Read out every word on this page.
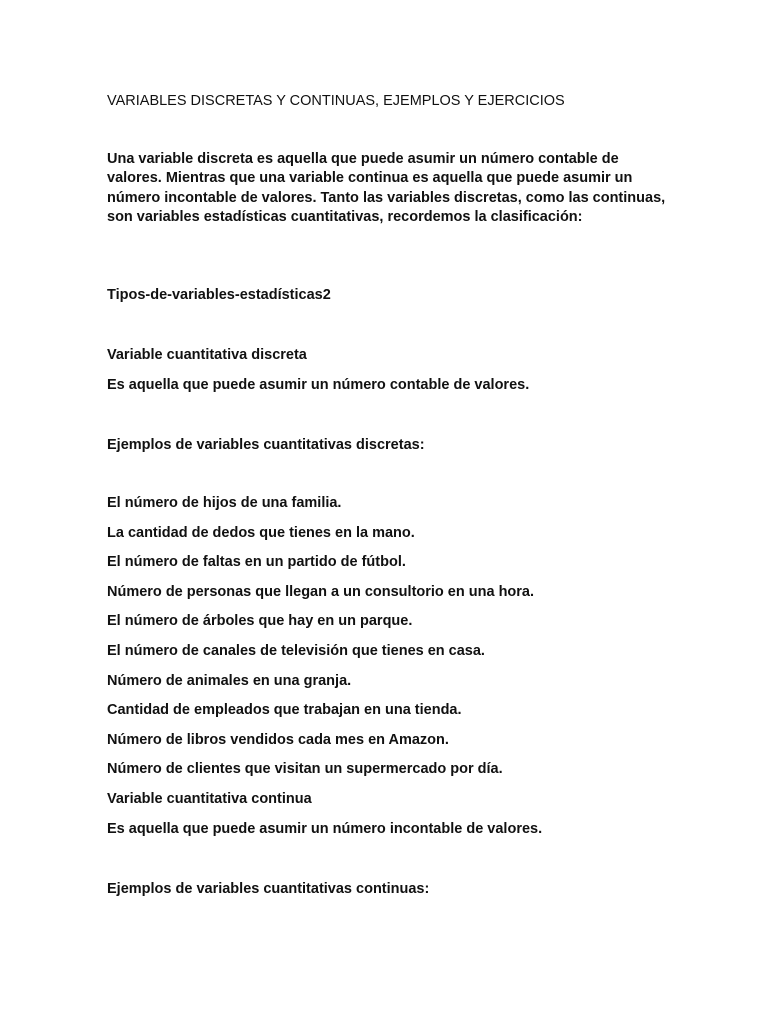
VARIABLES DISCRETAS Y CONTINUAS, EJEMPLOS Y EJERCICIOS

Una variable discreta es aquella que puede asumir un número contable de valores. Mientras que una variable continua es aquella que puede asumir un número incontable de valores. Tanto las variables discretas, como las continuas, son variables estadísticas cuantitativas, recordemos la clasificación:

Tipos-de-variables-estadísticas2

Variable cuantitativa discreta

Es aquella que puede asumir un número contable de valores.

Ejemplos de variables cuantitativas discretas:

El número de hijos de una familia.
La cantidad de dedos que tienes en la mano.
El número de faltas en un partido de fútbol.
Número de personas que llegan a un consultorio en una hora.
El número de árboles que hay en un parque.
El número de canales de televisión que tienes en casa.
Número de animales en una granja.
Cantidad de empleados que trabajan en una tienda.
Número de libros vendidos cada mes en Amazon.
Número de clientes que visitan un supermercado por día.

Variable cuantitativa continua

Es aquella que puede asumir un número incontable de valores.

Ejemplos de variables cuantitativas continuas:
